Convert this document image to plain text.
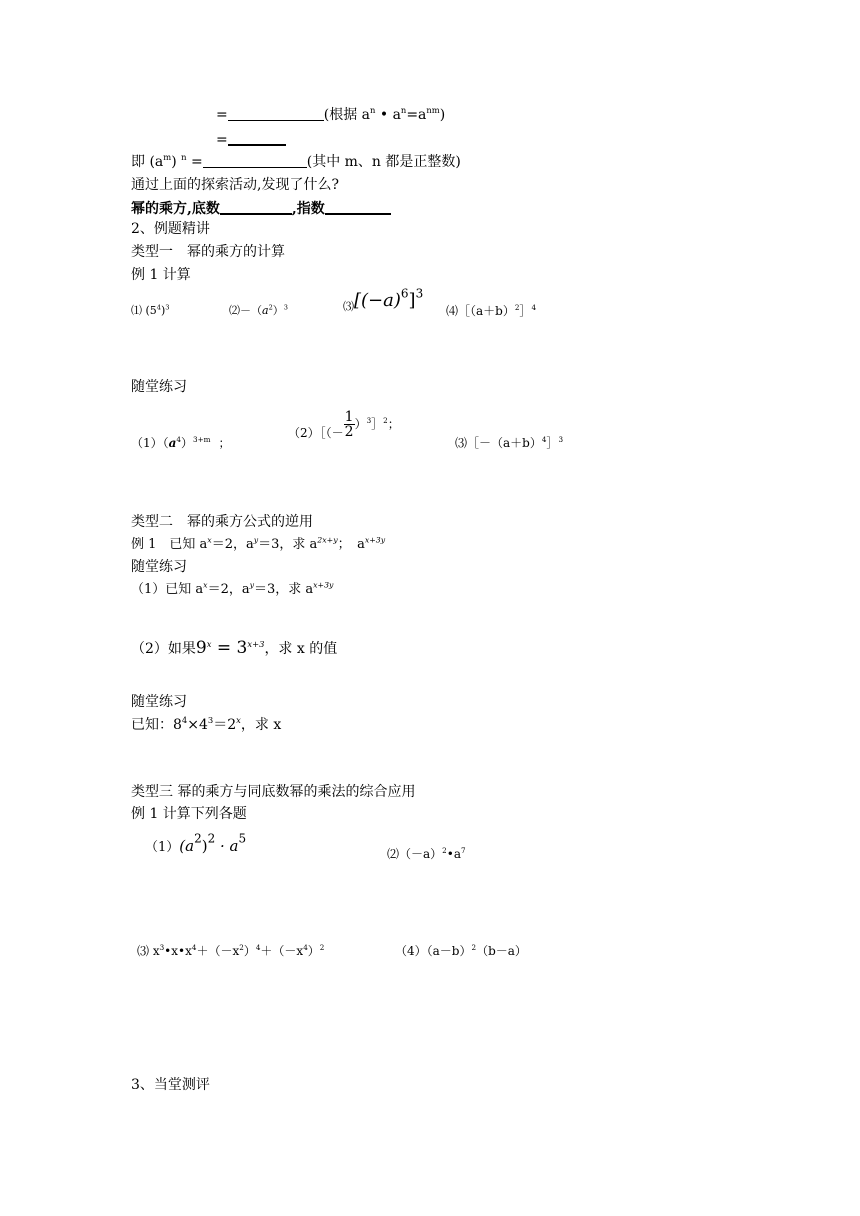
=	(根据 $a^n$ • $a^n=a^{nm}$)
=
即 $(a^m) ^n$ =	(其中 m、n 都是正整数)
通过上面的探索活动,发现了什么?
幂的乘方,底数	,指数
2、例题精讲
类型一　幂的乘方的计算
例 1 计算
⑴ $(5^4)^3$	$⑵-(a^2)^3$	$_⑶[(-a)^6]^3$
$⑷[(a+b)^2]^4$
随堂练习
$(1)(a^4)^{3+m}$ ；
（2）［（－ $\frac{1}{2}$ ）$^3$］$^2$；
$⑶[-(a+b)^4]^3$
类型二　幂的乘方公式的逆用
例 1　已知 $a^x=2$，$a^y=3$，求 $a^{2x+y}$；　$a^{x+3y}$
随堂练习
（1）已知 $a^x=2$，$a^y=3$，求 $a^{x+3y}$
（2）如果$9^x = 3^{x+3}$，求 x 的值
随堂练习
已知：$8^4\times 4^3=2^x$，求 x
类型三 幂的乘方与同底数幂的乘法的综合应用
例 1 计算下列各题
$(1)(a^2)^2 \cdot a^5$
$⑵(-a)^2•a^7$
⑶ $x^3•x•x^4+(-x^2)^4+(-x^4)^2$	$(4)(a-b)^2(b-a)$
3、当堂测评
